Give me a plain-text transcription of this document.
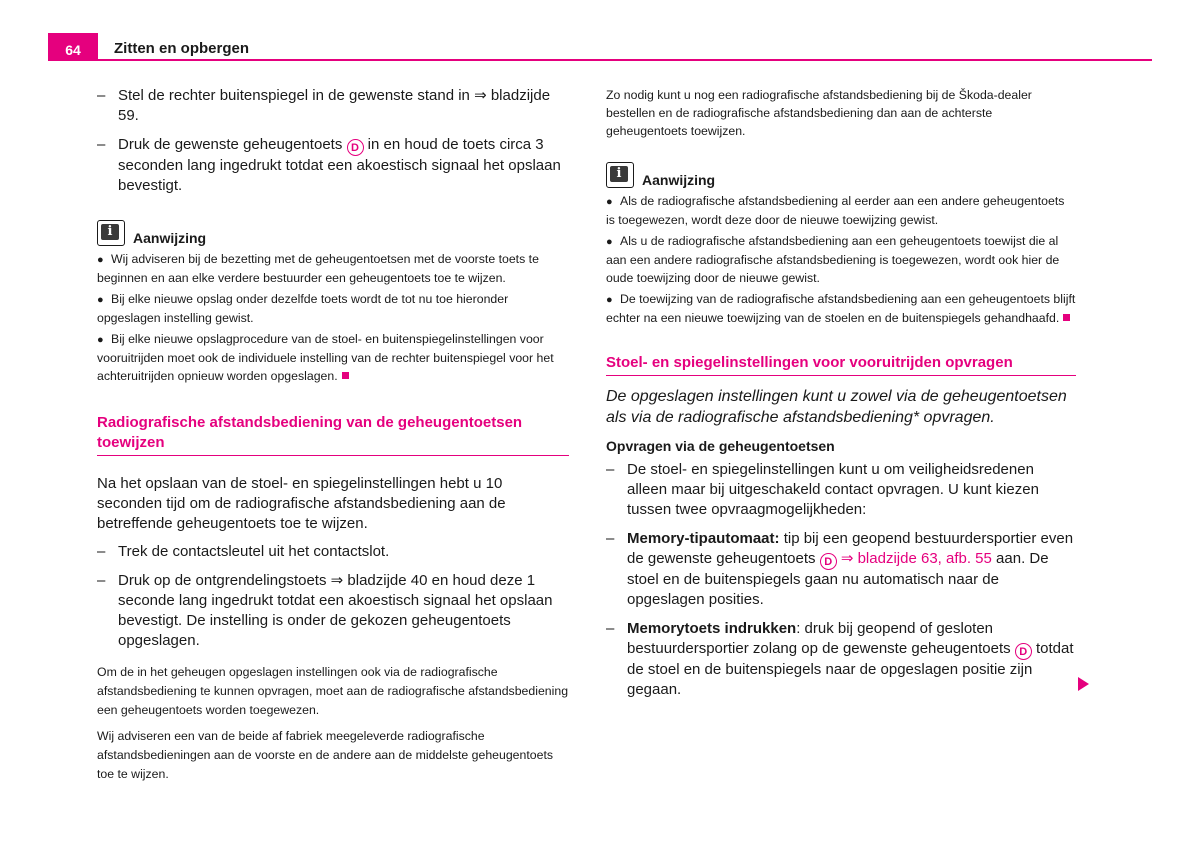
64	Zitten en opbergen
– Stel de rechter buitenspiegel in de gewenste stand in ⇒ bladzijde 59.
– Druk de gewenste geheugentoets D in en houd de toets circa 3 seconden lang ingedrukt totdat een akoestisch signaal het opslaan bevestigt.
i	Aanwijzing
● Wij adviseren bij de bezetting met de geheugentoetsen met de voorste toets te beginnen en aan elke verdere bestuurder een geheugentoets toe te wijzen.
● Bij elke nieuwe opslag onder dezelfde toets wordt de tot nu toe hieronder opgeslagen instelling gewist.
● Bij elke nieuwe opslagprocedure van de stoel- en buitenspiegelinstellingen voor vooruitrijden moet ook de individuele instelling van de rechter buitenspiegel voor het achteruitrijden opnieuw worden opgeslagen.
Radiografische afstandsbediening van de geheugentoetsen toewijzen
Na het opslaan van de stoel- en spiegelinstellingen hebt u 10 seconden tijd om de radiografische afstandsbediening aan de betreffende geheugentoets toe te wijzen.
– Trek de contactsleutel uit het contactslot.
– Druk op de ontgrendelingstoets ⇒ bladzijde 40 en houd deze 1 seconde lang ingedrukt totdat een akoestisch signaal het opslaan bevestigt. De instelling is onder de gekozen geheugentoets opgeslagen.
Om de in het geheugen opgeslagen instellingen ook via de radiografische afstandsbediening te kunnen opvragen, moet aan de radiografische afstandsbediening een geheugentoets worden toegewezen.
Wij adviseren een van de beide af fabriek meegeleverde radiografische afstandsbedieningen aan de voorste en de andere aan de middelste geheugentoets toe te wijzen.
Zo nodig kunt u nog een radiografische afstandsbediening bij de Škoda-dealer bestellen en de radiografische afstandsbediening dan aan de achterste geheugentoets toewijzen.
i	Aanwijzing
● Als de radiografische afstandsbediening al eerder aan een andere geheugentoets is toegewezen, wordt deze door de nieuwe toewijzing gewist.
● Als u de radiografische afstandsbediening aan een geheugentoets toewijst die al aan een andere radiografische afstandsbediening is toegewezen, wordt ook hier de oude toewijzing door de nieuwe gewist.
● De toewijzing van de radiografische afstandsbediening aan een geheugentoets blijft echter na een nieuwe toewijzing van de stoelen en de buitenspiegels gehandhaafd.
Stoel- en spiegelinstellingen voor vooruitrijden opvragen
De opgeslagen instellingen kunt u zowel via de geheugentoetsen als via de radiografische afstandsbediening* opvragen.
Opvragen via de geheugentoetsen
– De stoel- en spiegelinstellingen kunt u om veiligheidsredenen alleen maar bij uitgeschakeld contact opvragen. U kunt kiezen tussen twee opvraagmogelijkheden:
– Memory-tipautomaat: tip bij een geopend bestuurdersportier even de gewenste geheugentoets D ⇒ bladzijde 63, afb. 55 aan. De stoel en de buitenspiegels gaan nu automatisch naar de opgeslagen posities.
– Memorytoets indrukken: druk bij geopend of gesloten bestuurdersportier zolang op de gewenste geheugentoets D totdat de stoel en de buitenspiegels naar de opgeslagen positie zijn gegaan.
